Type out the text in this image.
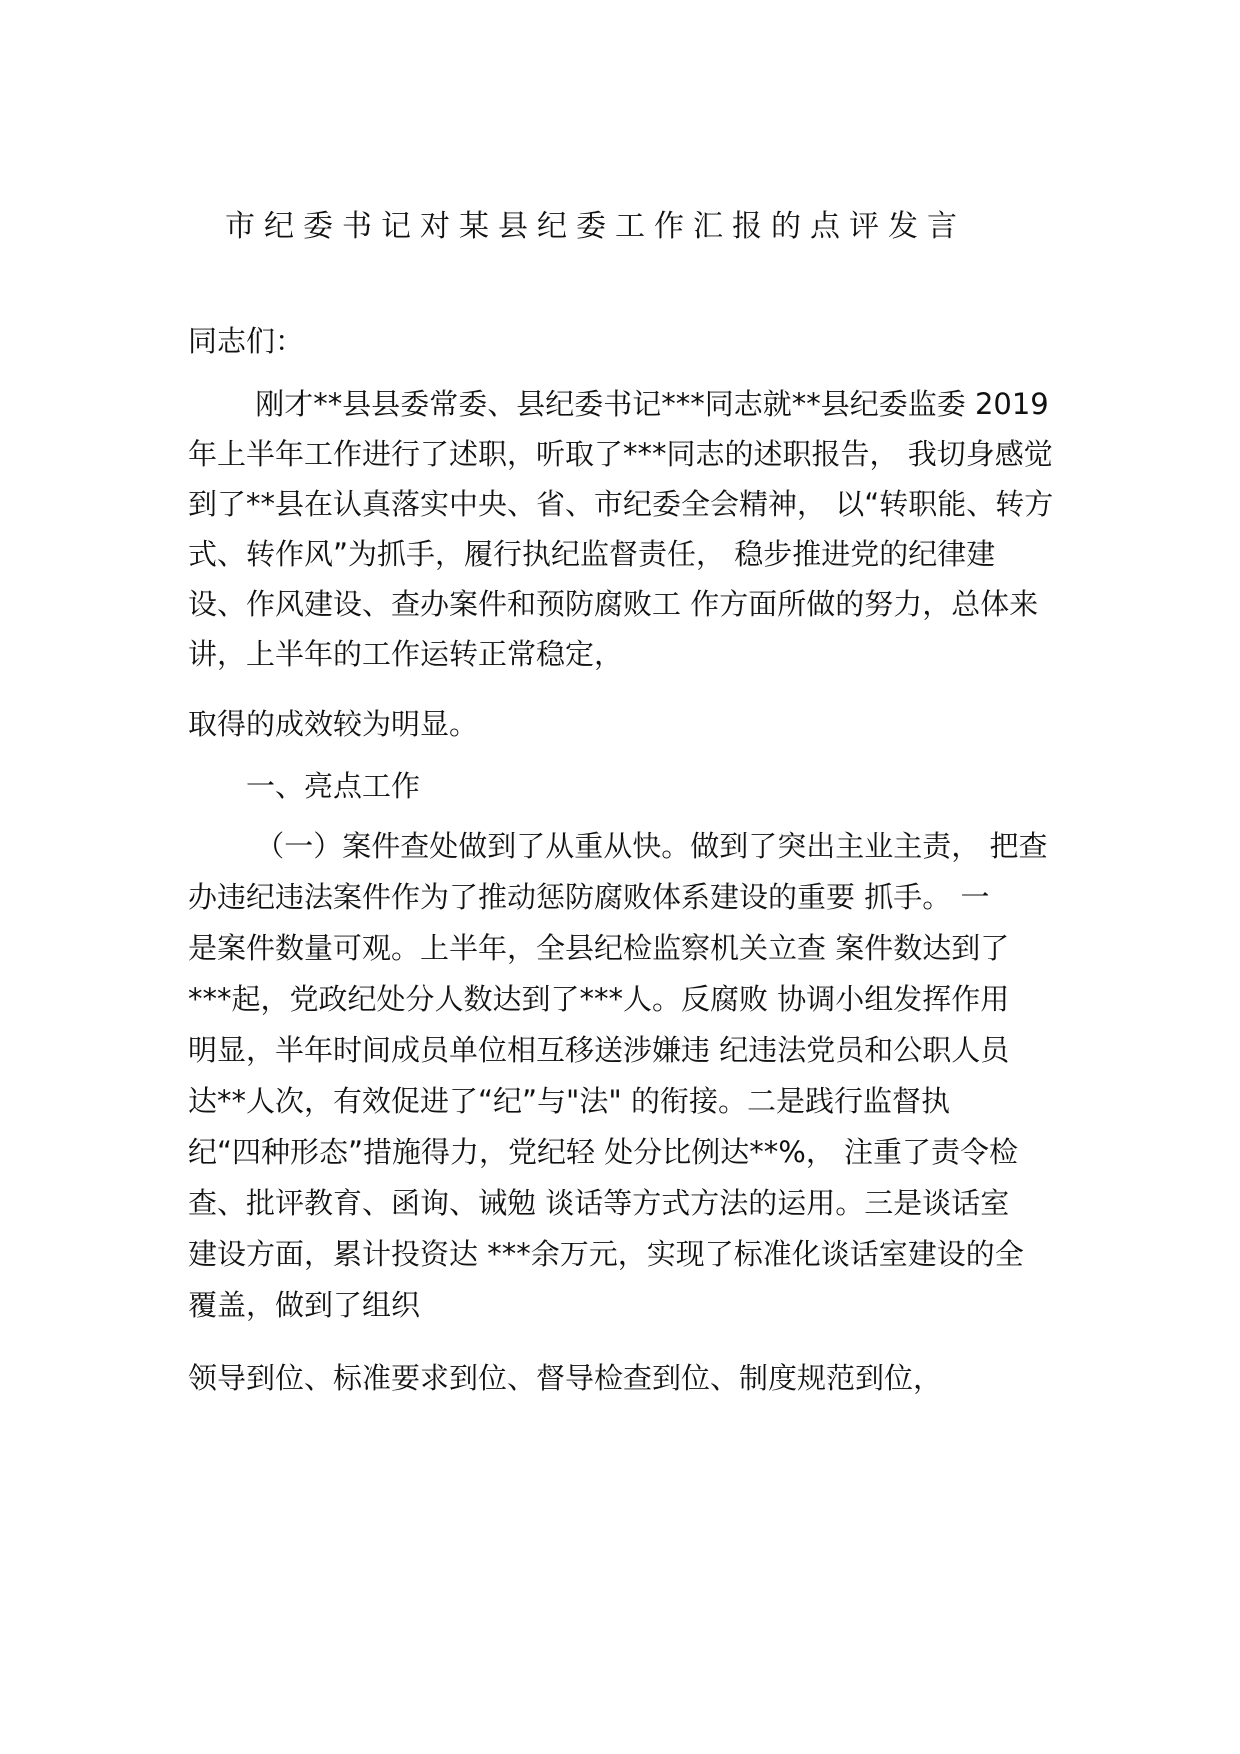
市纪委书记对某县纪委工作汇报的点评发言
同志们：
　　 刚才**县县委常委、县纪委书记***同志就**县纪委监委 2019
年上半年工作进行了述职，听取了***同志的述职报告， 我切身感觉
到了**县在认真落实中央、省、市纪委全会精神， 以“转职能、转方
式、转作风”为抓手，履行执纪监督责任， 稳步推进党的纪律建
设、作风建设、查办案件和预防腐败工 作方面所做的努力，总体来
讲，上半年的工作运转正常稳定，
取得的成效较为明显。
　　一、亮点工作
　　 （一）案件查处做到了从重从快。做到了突出主业主责， 把查
办违纪违法案件作为了推动惩防腐败体系建设的重要 抓手。 一
是案件数量可观。上半年，全县纪检监察机关立查 案件数达到了
***起，党政纪处分人数达到了***人。反腐败 协调小组发挥作用
明显，半年时间成员单位相互移送涉嫌违 纪违法党员和公职人员
达**人次，有效促进了“纪”与"法" 的衔接。二是践行监督执
纪“四种形态”措施得力，党纪轻 处分比例达**%， 注重了责令检
查、批评教育、函询、诫勉 谈话等方式方法的运用。三是谈话室
建设方面，累计投资达 ***余万元，实现了标准化谈话室建设的全
覆盖，做到了组织
领导到位、标准要求到位、督导检查到位、制度规范到位，
